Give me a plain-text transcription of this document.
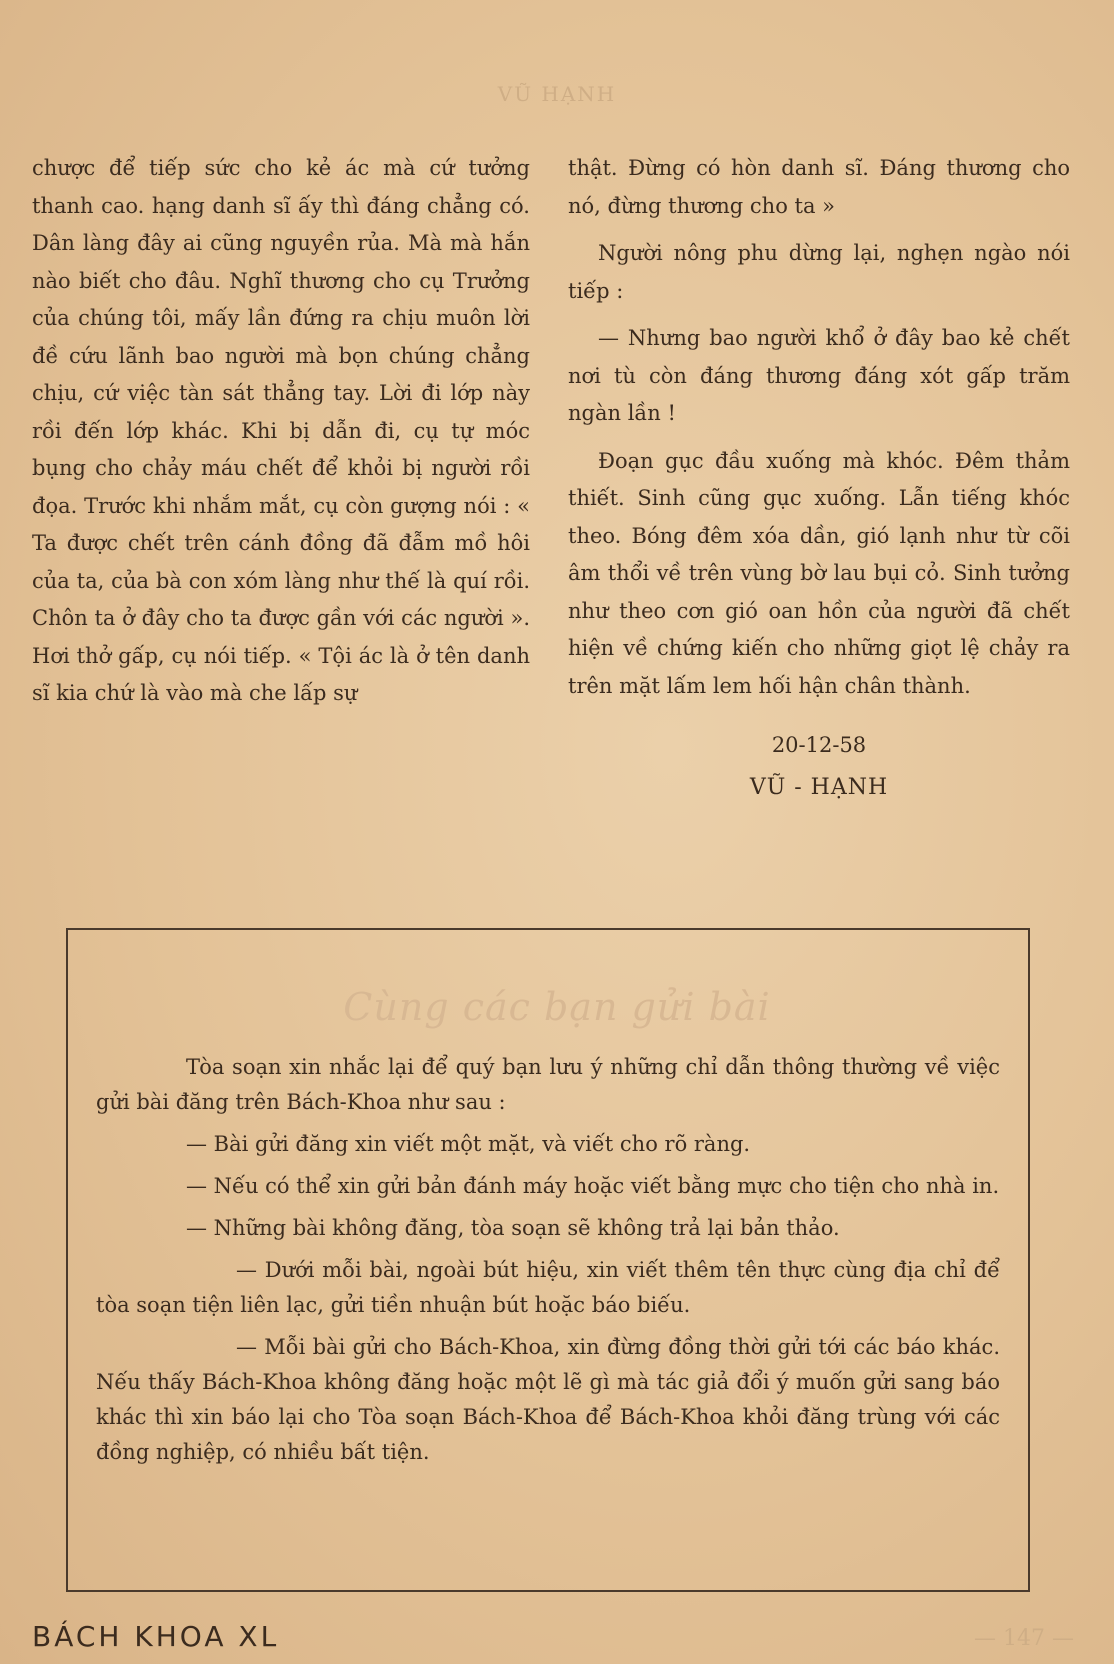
VŨ HẠNH

chược để tiếp sức cho kẻ ác mà cứ tưởng thanh cao. hạng danh sĩ ấy thì đáng chẳng có. Dân làng đây ai cũng nguyền rủa. Mà mà hắn nào biết cho đâu. Nghĩ thương cho cụ Trưởng của chúng tôi, mấy lần đứng ra chịu muôn lời đề cứu lãnh bao người mà bọn chúng chẳng chịu, cứ việc tàn sát thẳng tay. Lời đi lớp này rồi đến lớp khác. Khi bị dẫn đi, cụ tự móc bụng cho chảy máu chết để khỏi bị người rồi đọa. Trước khi nhắm mắt, cụ còn gượng nói : « Ta được chết trên cánh đồng đã đẫm mồ hôi của ta, của bà con xóm làng như thế là quí rồi. Chôn ta ở đây cho ta được gần với các người ». Hơi thở gấp, cụ nói tiếp. « Tội ác là ở tên danh sĩ kia chứ là vào mà che lấp sự

thật. Đừng có hòn danh sĩ. Đáng thương cho nó, đừng thương cho ta »

Người nông phu dừng lại, nghẹn ngào nói tiếp :

— Nhưng bao người khổ ở đây bao kẻ chết nơi tù còn đáng thương đáng xót gấp trăm ngàn lần !

Đoạn gục đầu xuống mà khóc. Đêm thảm thiết. Sinh cũng gục xuống. Lẫn tiếng khóc theo. Bóng đêm xóa dần, gió lạnh như từ cõi âm thổi về trên vùng bờ lau bụi cỏ. Sinh tưởng như theo cơn gió oan hồn của người đã chết hiện về chứng kiến cho những giọt lệ chảy ra trên mặt lấm lem hối hận chân thành.

20-12-58

VŨ - HẠNH

Cùng các bạn gửi bài

Tòa soạn xin nhắc lại để quý bạn lưu ý những chỉ dẫn thông thường về việc gửi bài đăng trên Bách-Khoa như sau :

— Bài gửi đăng xin viết một mặt, và viết cho rõ ràng.

— Nếu có thể xin gửi bản đánh máy hoặc viết bằng mực cho tiện cho nhà in.

— Những bài không đăng, tòa soạn sẽ không trả lại bản thảo.

— Dưới mỗi bài, ngoài bút hiệu, xin viết thêm tên thực cùng địa chỉ để tòa soạn tiện liên lạc, gửi tiền nhuận bút hoặc báo biếu.

— Mỗi bài gửi cho Bách-Khoa, xin đừng đồng thời gửi tới các báo khác. Nếu thấy Bách-Khoa không đăng hoặc một lẽ gì mà tác giả đổi ý muốn gửi sang báo khác thì xin báo lại cho Tòa soạn Bách-Khoa để Bách-Khoa khỏi đăng trùng với các đồng nghiệp, có nhiều bất tiện.

BÁCH KHOA XL	— 147 —
